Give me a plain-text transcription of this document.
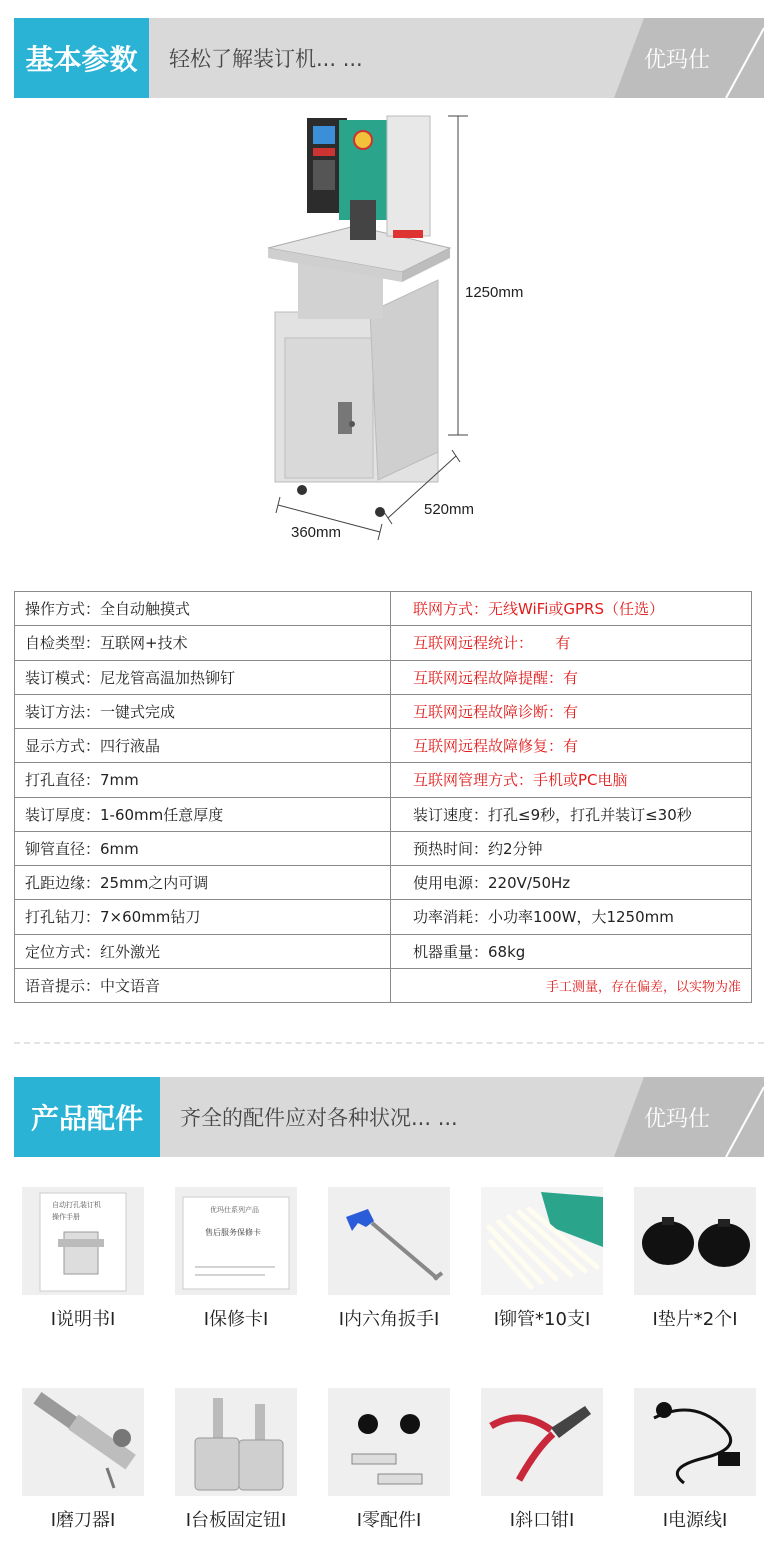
基本参数	轻松了解装订机... ...	优玛仕
1250mm
520mm
360mm
操作方式：全自动触摸式	联网方式：无线WiFi或GPRS（任选）
自检类型：互联网+技术	互联网远程统计：　　有
装订模式：尼龙管高温加热铆钉	互联网远程故障提醒：有
装订方法：一键式完成	互联网远程故障诊断：有
显示方式：四行液晶	互联网远程故障修复：有
打孔直径：7mm	互联网管理方式：手机或PC电脑
装订厚度：1-60mm任意厚度	装订速度：打孔≤9秒，打孔并装订≤30秒
铆管直径：6mm	预热时间：约2分钟
孔距边缘：25mm之内可调	使用电源：220V/50Hz
打孔钻刀：7×60mm钻刀	功率消耗：小功率100W，大1250mm
定位方式：红外激光	机器重量：68kg
语音提示：中文语音	手工测量，存在偏差，以实物为准
产品配件	齐全的配件应对各种状况... ...	优玛仕
自动打孔装订机
操作手册
I说明书I
优玛仕系列产品
售后服务保修卡
I保修卡I	I内六角扳手I	I铆管*10支I	I垫片*2个I
I磨刀器I	I台板固定钮I	I零配件I	I斜口钳I	I电源线I
